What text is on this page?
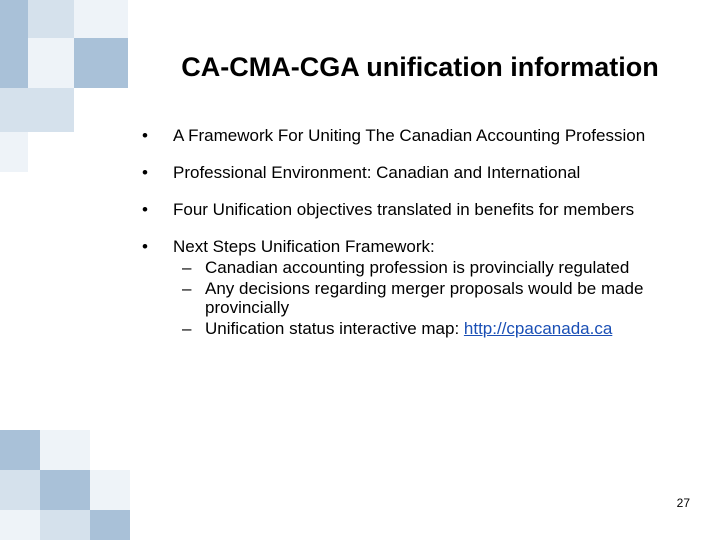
CA-CMA-CGA unification information
• A Framework For Uniting The Canadian Accounting Profession
• Professional Environment: Canadian and International
• Four Unification objectives translated in benefits for members
• Next Steps Unification Framework:
– Canadian accounting profession is provincially regulated
– Any decisions regarding merger proposals would be made provincially
– Unification status interactive map: http://cpacanada.ca
27
